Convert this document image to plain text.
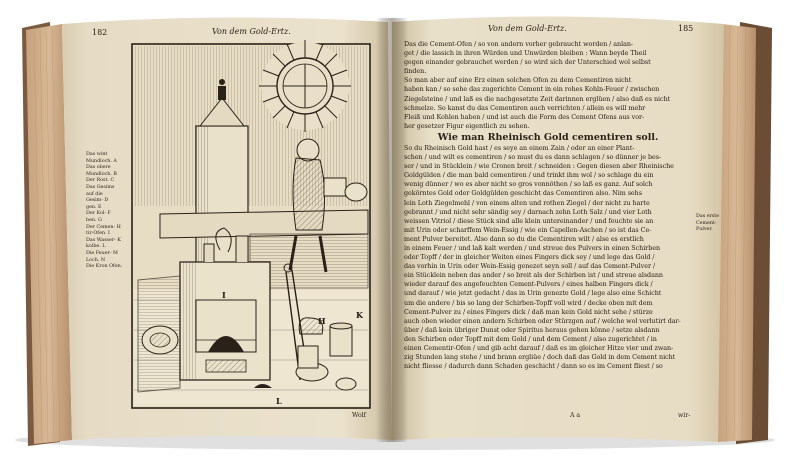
182	Von dem Gold-Ertz.
Das wint
Mundloch. A
Das obere
Mundloch. B
Der Rost. C
Das Gesims
auf die
Gesim- D
gen. E
Der Kol- F
ben. G
Der Cemen- H
tir-Ofen. I
Das Wasser- K
kolbe. L
Die Feuer- M
Loch. N
Die Kron Ofen.
H
K
I
L
Wolf
Von dem Gold-Ertz.	185
Das die Cement-Ofen / so von andern vorher gebraucht worden / anlan-
get / die lassich in ihren Würden und Unwürden bleiben : Wann beyde Theil
gegen einander gebrauchet werden / so wird sich der Unterschied wol selbst
finden.
So man aber auf eine Erz einen solchen Ofen zu dem Cementiren nicht
haben kan / so sehe das zugerichte Cement in ein rohes Kohln-Feuer / zwischen
Ziegelsteine / und laß es die nachgesetzte Zeit darinnen erglüen / also daß es nicht
schmelze. So kanst du das Cementiren auch verrichten / allein es will mehr
Fleiß und Kohlen haben / und ist auch die Form des Cement Ofens aus vor-
her gesetzer Figur eigentlich zu sehen.
Wie man Rheinisch Gold cementiren soll.
So du Rheinisch Gold hast / es seye an einem Zain / oder an einer Plant-
schen / und wilt es cementiren / so must du es dann schlagen / so dünner je bes-
ser / und in Stücklein / wie Cronen breit / schneiden : Gegen diesen aber Rheinische
Goldgülden / die man bald cementiren / und trinkt ihm wol / so schlage du ein
wenig dünner / wo es aber nicht so gros vonnöthen / so laß es ganz. Auf solch
gekörntes Gold oder Goldgülden geschicht das Cementiren also. Nim sehs
lein Loth Ziegelmehl / von einem alten und rothen Ziegel / der nicht zu harte
gebrannt / und nicht sehr sändig sey / darnach zehn Loth Salz / und vier Loth
weissen Vitriol / diese Stück sind alle klein untereinander / und feuchte sie an
mit Urin oder scharffem Wein-Essig / wie ein Capellen-Aschen / so ist das Ce-
ment Pulver bereitet. Also dann so du die Cementiren wilt / alse es erstlich
in einem Feuer / und laß kalt werden / und streue des Pulvers in einen Schirben
oder Topff / der in gleicher Weiten eines Fingers dick sey / und lege das Gold /
das vorhin in Urin oder Wein-Essig genezet seyn soll / auf das Cement-Pulver /
ein Stücklein neben das ander / so breit als der Schirben ist / und streue alsdann
wieder darauf des angefeuchten Cement-Pulvers / eines halben Fingers dick /
und darauf / wie jetzt gedacht / das in Urin genezte Gold / lege also eine Schicht
um die andere / bis so lang der Schirben-Topff voll wird / decke oben mit dem
Cement-Pulver zu / eines Fingers dick / daß man kein Gold nicht sehe / stürze
auch oben wieder einen andern Schirben oder Stürzgen auf / welche wol verlutirt dar-
über / daß kein übriger Dunst oder Spiritus heraus gehen könne / setze alsdann
den Schirben oder Topff mit dem Gold / und dem Cement / also zugerichtet / in
einen Cementir-Ofen / und gib acht darauf / daß es im gleicher Hitze vier und zwan-
zig Stunden lang stehe / und brann ergliüe / doch daß das Gold in dem Cement nicht
nicht fliesse / dadurch dann Schaden geschicht / dann so es im Cement fliest / so
Das erste
Cement-
Pulver.
A a	wir-
